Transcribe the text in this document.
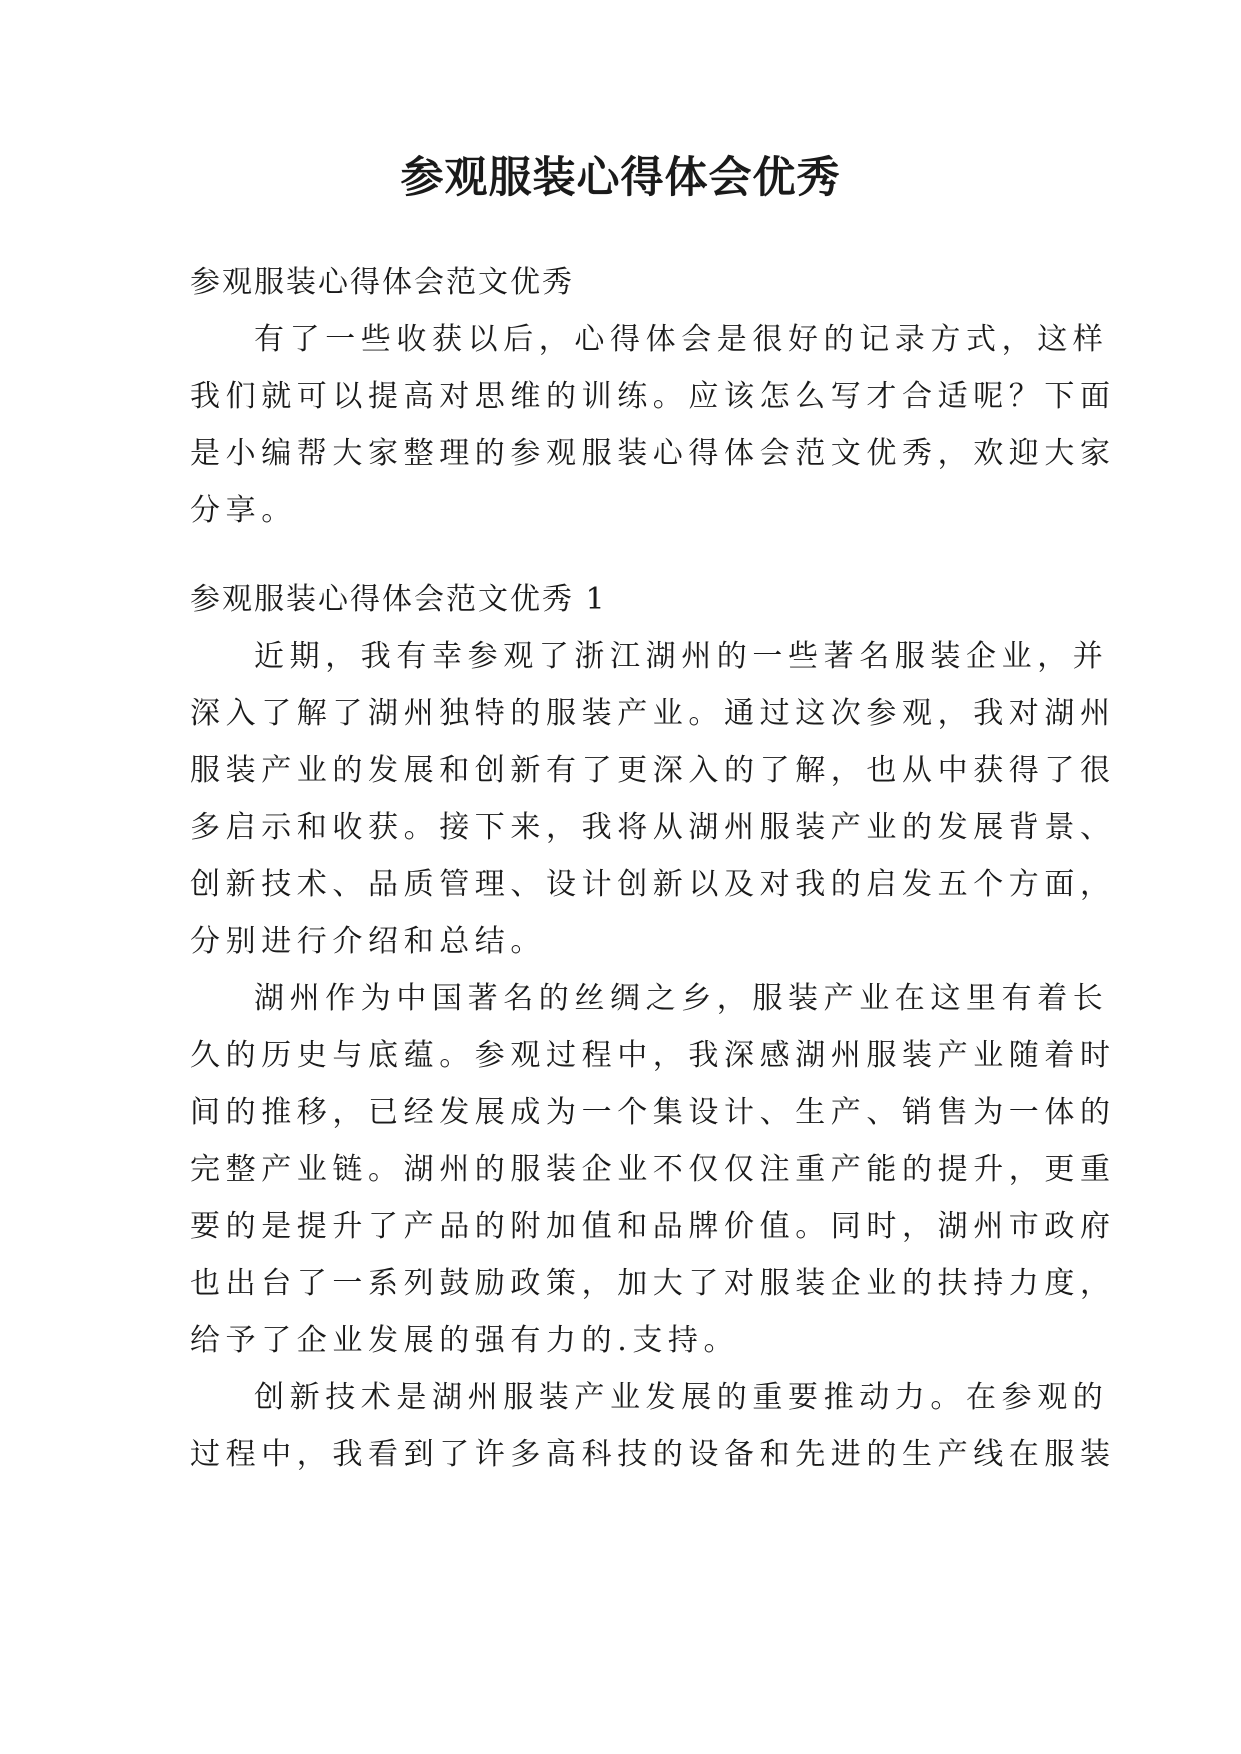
参观服装心得体会优秀
参观服装心得体会范文优秀
有了一些收获以后，心得体会是很好的记录方式，这样
我们就可以提高对思维的训练。应该怎么写才合适呢？下面
是小编帮大家整理的参观服装心得体会范文优秀，欢迎大家
分享。
参观服装心得体会范文优秀 1
近期，我有幸参观了浙江湖州的一些著名服装企业，并
深入了解了湖州独特的服装产业。通过这次参观，我对湖州
服装产业的发展和创新有了更深入的了解，也从中获得了很
多启示和收获。接下来，我将从湖州服装产业的发展背景、
创新技术、品质管理、设计创新以及对我的启发五个方面，
分别进行介绍和总结。
湖州作为中国著名的丝绸之乡，服装产业在这里有着长
久的历史与底蕴。参观过程中，我深感湖州服装产业随着时
间的推移，已经发展成为一个集设计、生产、销售为一体的
完整产业链。湖州的服装企业不仅仅注重产能的提升，更重
要的是提升了产品的附加值和品牌价值。同时，湖州市政府
也出台了一系列鼓励政策，加大了对服装企业的扶持力度，
给予了企业发展的强有力的.支持。
创新技术是湖州服装产业发展的重要推动力。在参观的
过程中，我看到了许多高科技的设备和先进的生产线在服装
